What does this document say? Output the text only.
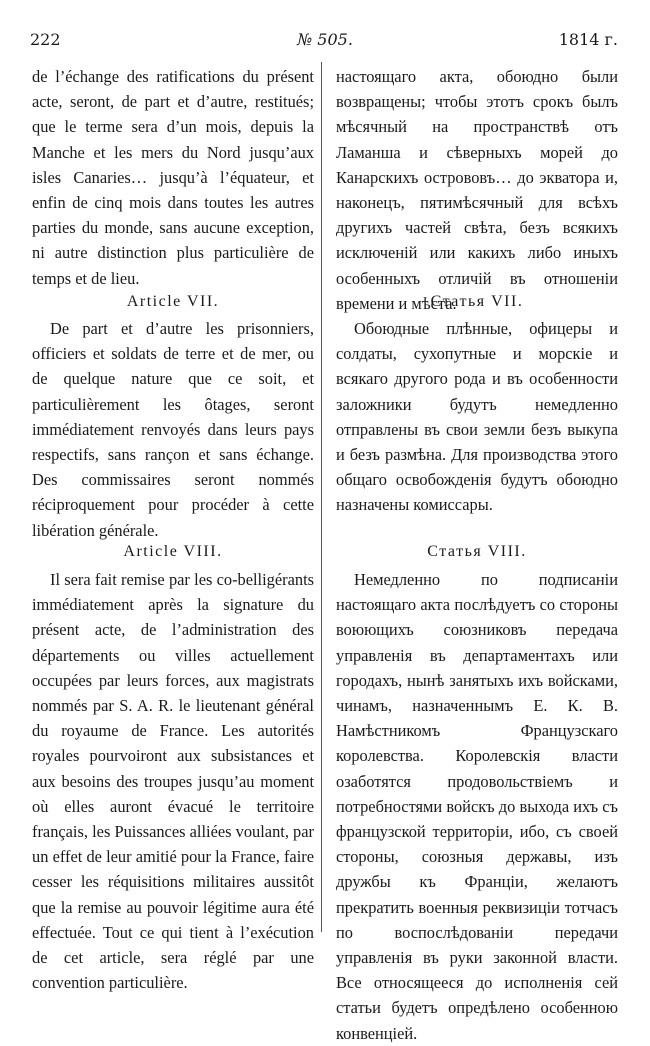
222	№ 505.	1814 г.

de l’échange des ratifications du présent acte, seront, de part et d’autre, restitués; que le terme sera d’un mois, depuis la Manche et les mers du Nord jusqu’aux isles Canaries… jusqu’à l’équateur, et enfin de cinq mois dans toutes les autres parties du monde, sans aucune exception, ni autre distinction plus particulière de temps et de lieu.

Article VII.

De part et d’autre les prisonniers, officiers et soldats de terre et de mer, ou de quelque nature que ce soit, et particulièrement les ôtages, seront immédiatement renvoyés dans leurs pays respectifs, sans rançon et sans échange. Des commissaires seront nommés réciproquement pour procéder à cette libération générale.

Article VIII.

Il sera fait remise par les co-belligérants immédiatement après la signature du présent acte, de l’administration des départements ou villes actuellement occupées par leurs forces, aux magistrats nommés par S. A. R. le lieutenant général du royaume de France. Les autorités royales pourvoiront aux subsistances et aux besoins des troupes jusqu’au moment où elles auront évacué le territoire français, les Puissances alliées voulant, par un effet de leur amitié pour la France, faire cesser les réquisitions militaires aussitôt que la remise au pouvoir légitime aura été effectuée. Tout ce qui tient à l’exécution de cet article, sera réglé par une convention particulière.

настоящаго акта, обоюдно были возвращены; чтобы этотъ срокъ былъ мѣсячный на пространствѣ отъ Ламанша и сѣверныхъ морей до Канарскихъ острововъ… до экватора и, наконецъ, пятимѣсячный для всѣхъ другихъ частей свѣта, безъ всякихъ исключеній или какихъ либо иныхъ особенныхъ отличій въ отношеніи времени и мѣста.

Статья VII.

Обоюдные плѣнные, офицеры и солдаты, сухопутные и морскіе и всякаго другого рода и въ особенности заложники будутъ немедленно отправлены въ свои земли безъ выкупа и безъ размѣна. Для производства этого общаго освобожденія будутъ обоюдно назначены комиссары.

Статья VIII.

Немедленно по подписаніи настоящаго акта послѣдуетъ со стороны воюющихъ союзниковъ передача управленія въ департаментахъ или городахъ, нынѣ занятыхъ ихъ войсками, чинамъ, назначеннымъ Е. К. В. Намѣстникомъ Французскаго королевства. Королевскія власти озаботятся продовольствіемъ и потребностями войскъ до выхода ихъ съ французской территоріи, ибо, съ своей стороны, союзныя державы, изъ дружбы къ Франціи, желаютъ прекратить военныя реквизиціи тотчасъ по воспослѣдованіи передачи управленія въ руки законной власти. Все относящееся до исполненія сей статьи будетъ опредѣлено особенною конвенціей.
